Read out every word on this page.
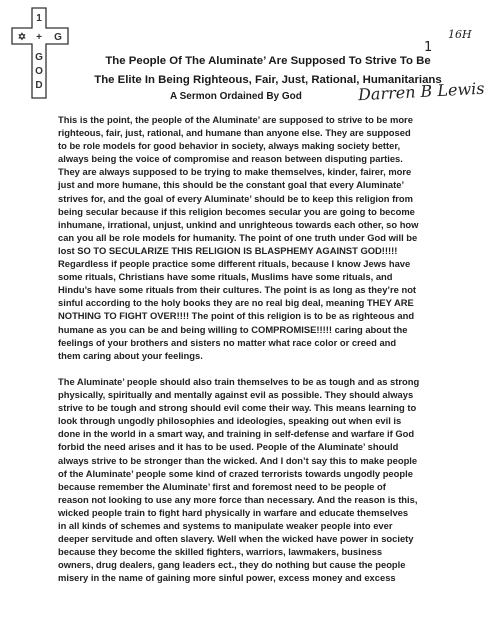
1
✡ + G
G
O
D
16H
1
The People Of The Aluminate’ Are Supposed To Strive To Be
The Elite In Being Righteous, Fair, Just, Rational, Humanitarians
A Sermon Ordained By God	Darren B Lewis
This is the point, the people of the Aluminate’ are supposed to strive to be more
righteous, fair, just, rational, and humane than anyone else. They are supposed
to be role models for good behavior in society, always making society better,
always being the voice of compromise and reason between disputing parties.
They are always supposed to be trying to make themselves, kinder, fairer, more
just and more humane, this should be the constant goal that every Aluminate’
strives for, and the goal of every Aluminate’ should be to keep this religion from
being secular because if this religion becomes secular you are going to become
inhumane, irrational, unjust, unkind and unrighteous towards each other, so how
can you all be role models for humanity. The point of one truth under God will be
lost SO TO SECULARIZE THIS RELIGION IS BLASPHEMY AGAINST GOD!!!!!
Regardless if people practice some different rituals, because I know Jews have
some rituals, Christians have some rituals, Muslims have some rituals, and
Hindu’s have some rituals from their cultures. The point is as long as they’re not
sinful according to the holy books they are no real big deal, meaning THEY ARE
NOTHING TO FIGHT OVER!!!! The point of this religion is to be as righteous and
humane as you can be and being willing to COMPROMISE!!!!! caring about the
feelings of your brothers and sisters no matter what race color or creed and
them caring about your feelings.
The Aluminate’ people should also train themselves to be as tough and as strong
physically, spiritually and mentally against evil as possible. They should always
strive to be tough and strong should evil come their way. This means learning to
look through ungodly philosophies and ideologies, speaking out when evil is
done in the world in a smart way, and training in self-defense and warfare if God
forbid the need arises and it has to be used. People of the Aluminate’ should
always strive to be stronger than the wicked. And I don’t say this to make people
of the Aluminate’ people some kind of crazed terrorists towards ungodly people
because remember the Aluminate’ first and foremost need to be people of
reason not looking to use any more force than necessary. And the reason is this,
wicked people train to fight hard physically in warfare and educate themselves
in all kinds of schemes and systems to manipulate weaker people into ever
deeper servitude and often slavery. Well when the wicked have power in society
because they become the skilled fighters, warriors, lawmakers, business
owners, drug dealers, gang leaders ect., they do nothing but cause the people
misery in the name of gaining more sinful power, excess money and excess
